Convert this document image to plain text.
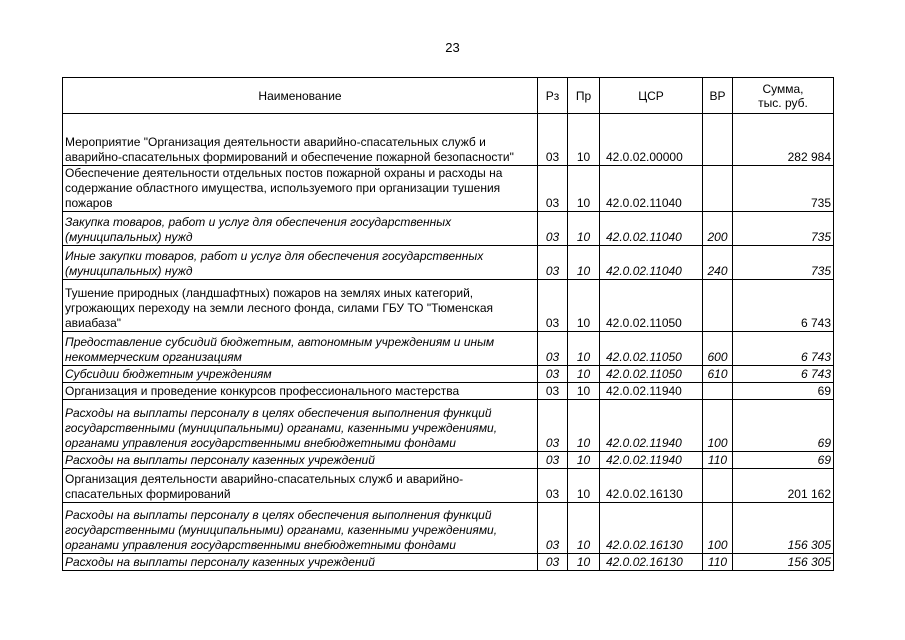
23
Наименование	Рз	Пр	ЦСР	ВР	Сумма,
тыс. руб.
Мероприятие "Организация деятельности аварийно-спасательных служб и аварийно-спасательных формирований и обеспечение пожарной безопасности"	03	10	42.0.02.00000		282 984
Обеспечение деятельности отдельных постов пожарной охраны и расходы на содержание областного имущества, используемого при организации тушения пожаров	03	10	42.0.02.11040		735
Закупка товаров, работ и услуг для обеспечения государственных (муниципальных) нужд	03	10	42.0.02.11040	200	735
Иные закупки товаров, работ и услуг для обеспечения государственных (муниципальных) нужд	03	10	42.0.02.11040	240	735
Тушение природных (ландшафтных) пожаров на землях иных категорий, угрожающих переходу на земли лесного фонда, силами ГБУ ТО "Тюменская авиабаза"	03	10	42.0.02.11050		6 743
Предоставление субсидий бюджетным, автономным учреждениям и иным некоммерческим организациям	03	10	42.0.02.11050	600	6 743
Субсидии бюджетным учреждениям	03	10	42.0.02.11050	610	6 743
Организация и проведение конкурсов профессионального мастерства	03	10	42.0.02.11940		69
Расходы на выплаты персоналу в целях обеспечения выполнения функций государственными (муниципальными) органами, казенными учреждениями, органами управления государственными внебюджетными фондами	03	10	42.0.02.11940	100	69
Расходы на выплаты персоналу казенных учреждений	03	10	42.0.02.11940	110	69
Организация деятельности аварийно-спасательных служб и аварийно-спасательных формирований	03	10	42.0.02.16130		201 162
Расходы на выплаты персоналу в целях обеспечения выполнения функций государственными (муниципальными) органами, казенными учреждениями, органами управления государственными внебюджетными фондами	03	10	42.0.02.16130	100	156 305
Расходы на выплаты персоналу казенных учреждений	03	10	42.0.02.16130	110	156 305
